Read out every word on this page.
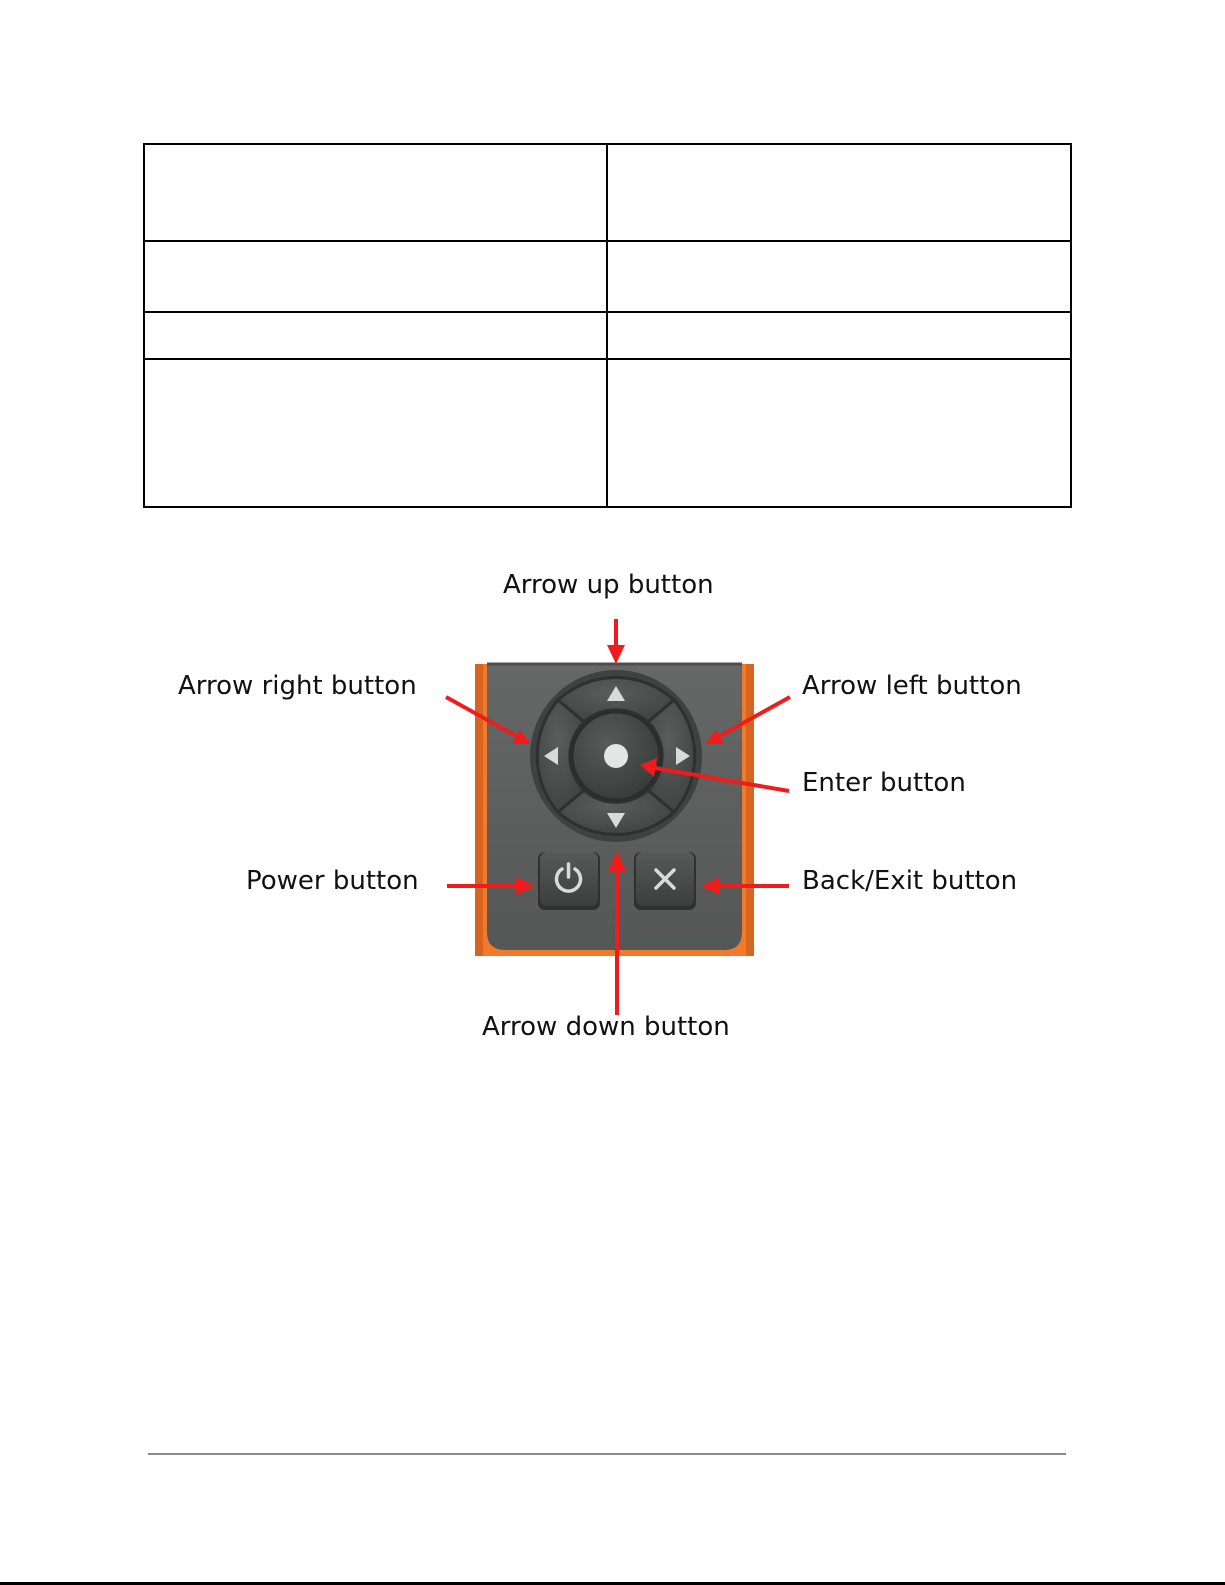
Arrow up button
Arrow right button	Arrow left button
Enter button
Power button	Back/Exit button
Arrow down button
